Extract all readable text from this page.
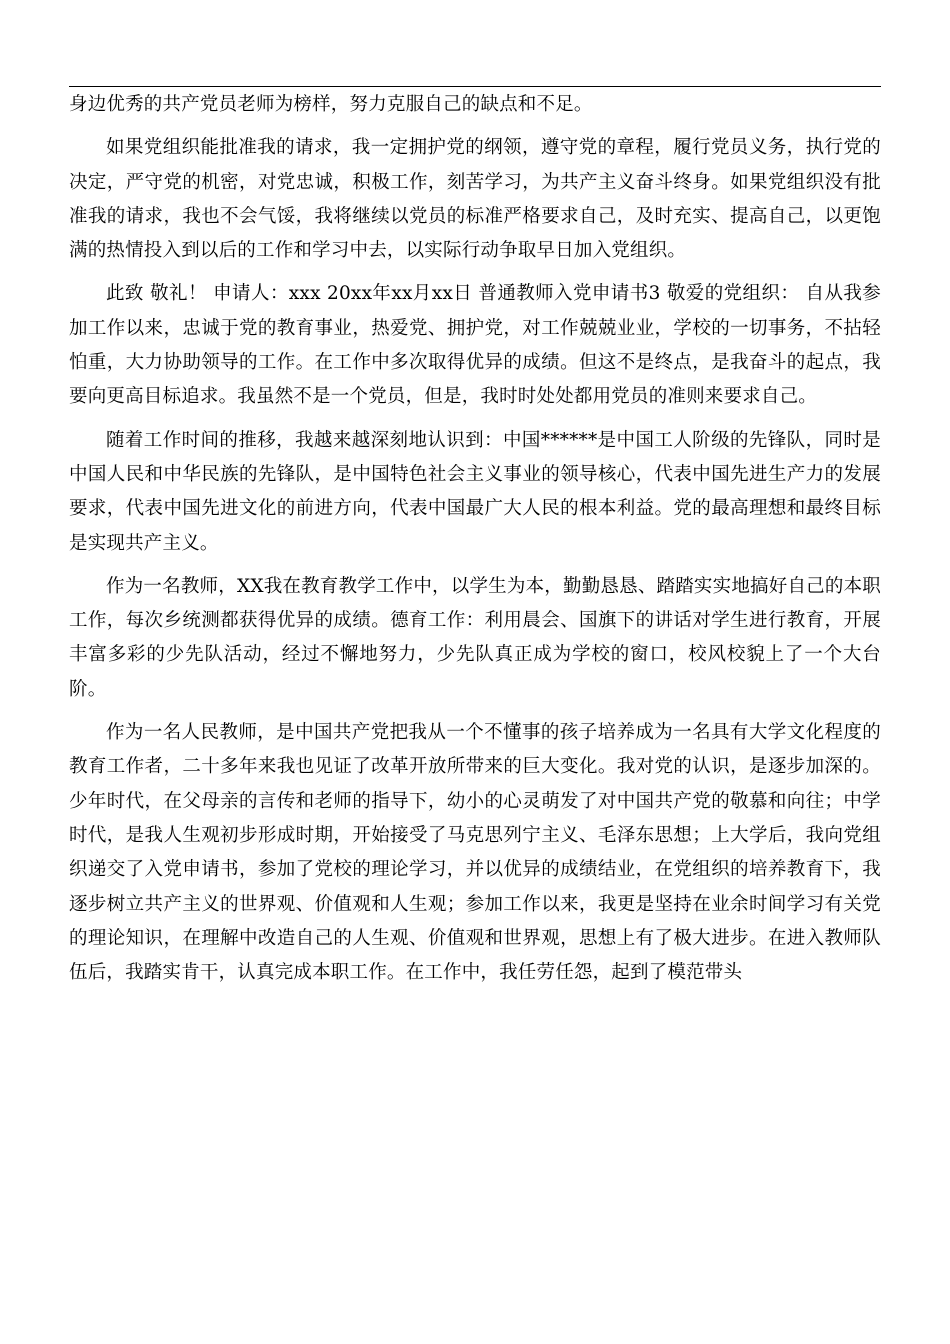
身边优秀的共产党员老师为榜样，努力克服自己的缺点和不足。

如果党组织能批准我的请求，我一定拥护党的纲领，遵守党的章程，履行党员义务，执行党的决定，严守党的机密，对党忠诚，积极工作，刻苦学习，为共产主义奋斗终身。如果党组织没有批准我的请求，我也不会气馁，我将继续以党员的标准严格要求自己，及时充实、提高自己，以更饱满的热情投入到以后的工作和学习中去，以实际行动争取早日加入党组织。

此致 敬礼！ 申请人：xxx 20xx年xx月xx日 普通教师入党申请书3 敬爱的党组织： 自从我参加工作以来，忠诚于党的教育事业，热爱党、拥护党，对工作兢兢业业，学校的一切事务，不拈轻怕重，大力协助领导的工作。在工作中多次取得优异的成绩。但这不是终点，是我奋斗的起点，我要向更高目标追求。我虽然不是一个党员，但是，我时时处处都用党员的准则来要求自己。

随着工作时间的推移，我越来越深刻地认识到：中国******是中国工人阶级的先锋队，同时是中国人民和中华民族的先锋队，是中国特色社会主义事业的领导核心，代表中国先进生产力的发展要求，代表中国先进文化的前进方向，代表中国最广大人民的根本利益。党的最高理想和最终目标是实现共产主义。

作为一名教师，XX我在教育教学工作中，以学生为本，勤勤恳恳、踏踏实实地搞好自己的本职工作，每次乡统测都获得优异的成绩。德育工作：利用晨会、国旗下的讲话对学生进行教育，开展丰富多彩的少先队活动，经过不懈地努力，少先队真正成为学校的窗口，校风校貌上了一个大台阶。

作为一名人民教师，是中国共产党把我从一个不懂事的孩子培养成为一名具有大学文化程度的教育工作者，二十多年来我也见证了改革开放所带来的巨大变化。我对党的认识，是逐步加深的。少年时代，在父母亲的言传和老师的指导下，幼小的心灵萌发了对中国共产党的敬慕和向往；中学时代，是我人生观初步形成时期，开始接受了马克思列宁主义、毛泽东思想；上大学后，我向党组织递交了入党申请书，参加了党校的理论学习，并以优异的成绩结业，在党组织的培养教育下，我逐步树立共产主义的世界观、价值观和人生观；参加工作以来，我更是坚持在业余时间学习有关党的理论知识，在理解中改造自己的人生观、价值观和世界观，思想上有了极大进步。在进入教师队伍后，我踏实肯干，认真完成本职工作。在工作中，我任劳任怨，起到了模范带头
